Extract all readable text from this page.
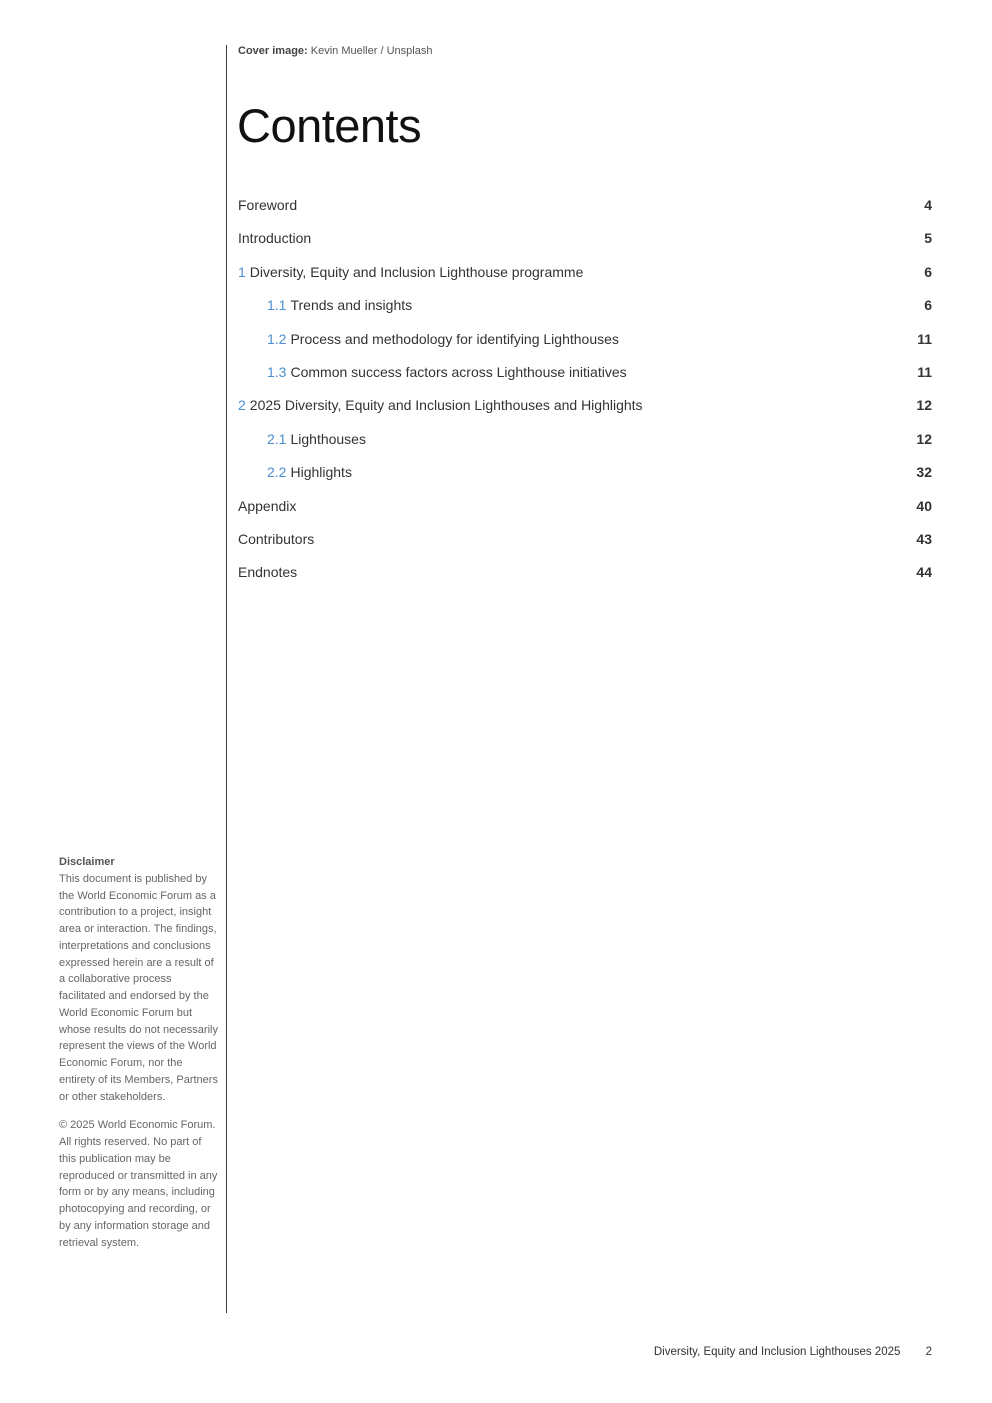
Cover image: Kevin Mueller / Unsplash
Contents
Foreword	4
Introduction	5
1 Diversity, Equity and Inclusion Lighthouse programme	6
1.1 Trends and insights	6
1.2 Process and methodology for identifying Lighthouses	11
1.3 Common success factors across Lighthouse initiatives	11
2 2025 Diversity, Equity and Inclusion Lighthouses and Highlights	12
2.1 Lighthouses	12
2.2 Highlights	32
Appendix	40
Contributors	43
Endnotes	44
Disclaimer

This document is published by the World Economic Forum as a contribution to a project, insight area or interaction. The findings, interpretations and conclusions expressed herein are a result of a collaborative process facilitated and endorsed by the World Economic Forum but whose results do not necessarily represent the views of the World Economic Forum, nor the entirety of its Members, Partners or other stakeholders.

© 2025 World Economic Forum. All rights reserved. No part of this publication may be reproduced or transmitted in any form or by any means, including photocopying and recording, or by any information storage and retrieval system.

Diversity, Equity and Inclusion Lighthouses 2025 2
